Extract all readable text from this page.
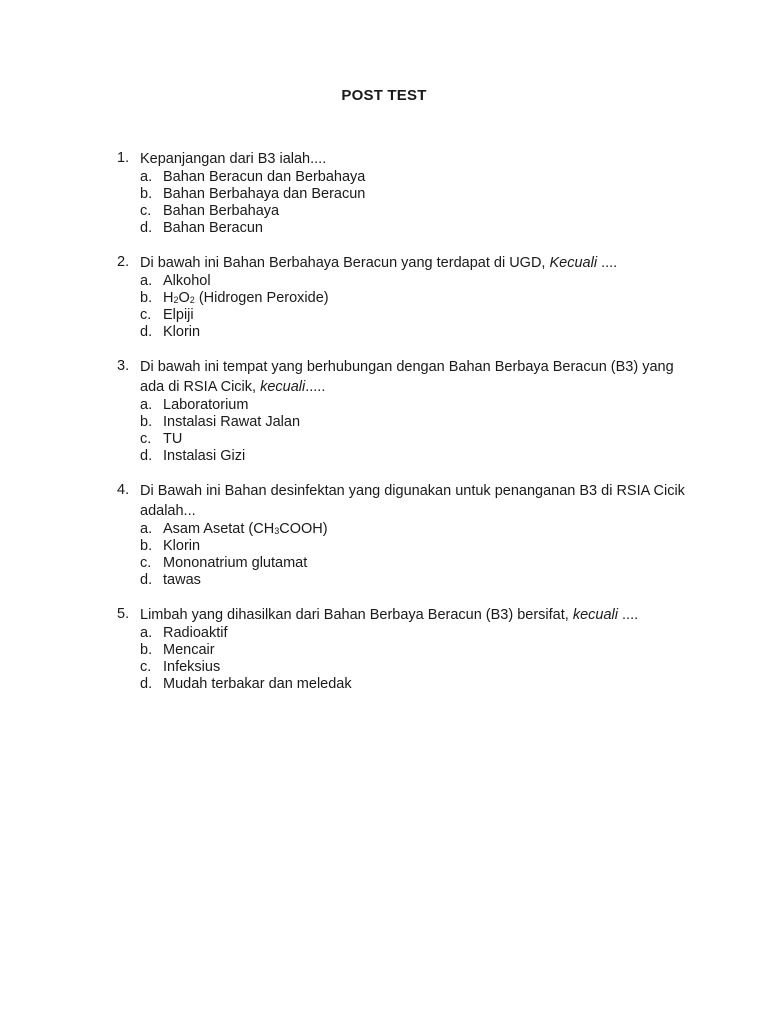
POST TEST
1. Kepanjangan dari B3 ialah....
a. Bahan Beracun dan Berbahaya
b. Bahan Berbahaya dan Beracun
c. Bahan Berbahaya
d. Bahan Beracun
2. Di bawah ini Bahan Berbahaya Beracun yang terdapat di UGD, Kecuali ....
a. Alkohol
b. $H_2O_2$ (Hidrogen Peroxide)
c. Elpiji
d. Klorin
3. Di bawah ini tempat yang berhubungan dengan Bahan Berbaya Beracun (B3) yang ada di RSIA Cicik, kecuali.....
a. Laboratorium
b. Instalasi Rawat Jalan
c. TU
d. Instalasi Gizi
4. Di Bawah ini Bahan desinfektan yang digunakan untuk penanganan B3 di RSIA Cicik adalah...
a. Asam Asetat $(CH_3COOH)$
b. Klorin
c. Mononatrium glutamat
d. tawas
5. Limbah yang dihasilkan dari Bahan Berbaya Beracun (B3) bersifat, kecuali ....
a. Radioaktif
b. Mencair
c. Infeksius
d. Mudah terbakar dan meledak
